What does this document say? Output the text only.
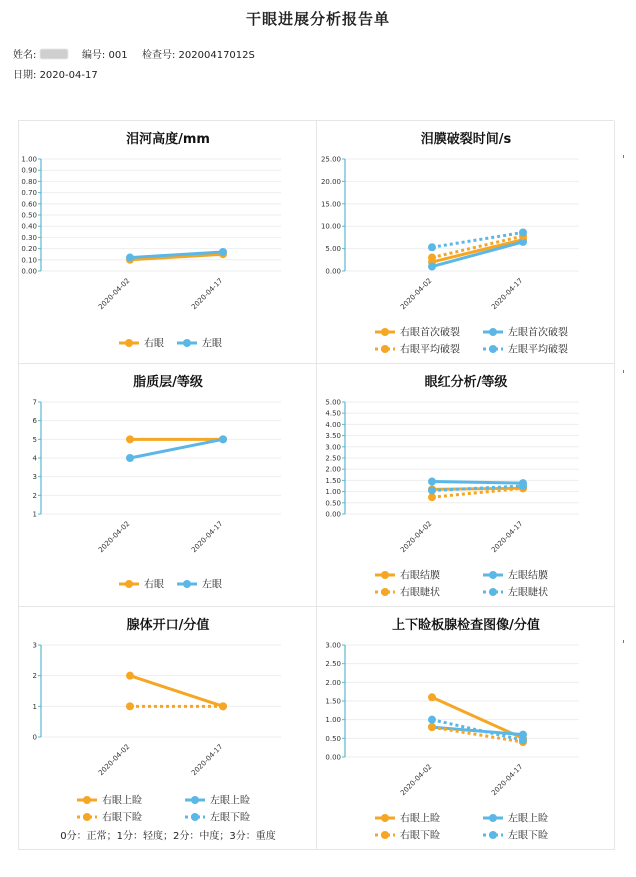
干眼进展分析报告单
姓名:	编号: 001 检查号: 20200417012S
日期: 2020-04-17
泪河高度/mm
0.00
0.10
0.20
0.30
0.40
0.50
0.60
0.70
0.80
0.90
1.00
2020-04-02	2020-04-17
右眼	左眼
泪膜破裂时间/s
0.00
5.00
10.00
15.00
20.00
25.00
2020-04-02	2020-04-17
右眼首次破裂	左眼首次破裂
右眼平均破裂	左眼平均破裂
脂质层/等级
1
2
3
4
5
6
7
2020-04-02	2020-04-17
右眼	左眼
眼红分析/等级
0.00
0.50
1.00
1.50
2.00
2.50
3.00
3.50
4.00
4.50
5.00
2020-04-02	2020-04-17
右眼结膜	左眼结膜
右眼睫状	左眼睫状
腺体开口/分值
0
1
2
3
2020-04-02	2020-04-17
右眼上睑	左眼上睑
右眼下睑	左眼下睑
0分：正常；1分：轻度；2分：中度；3分：重度
上下睑板腺检查图像/分值
0.00
0.50
1.00
1.50
2.00
2.50
3.00
2020-04-02	2020-04-17
右眼上睑	左眼上睑
右眼下睑	左眼下睑
